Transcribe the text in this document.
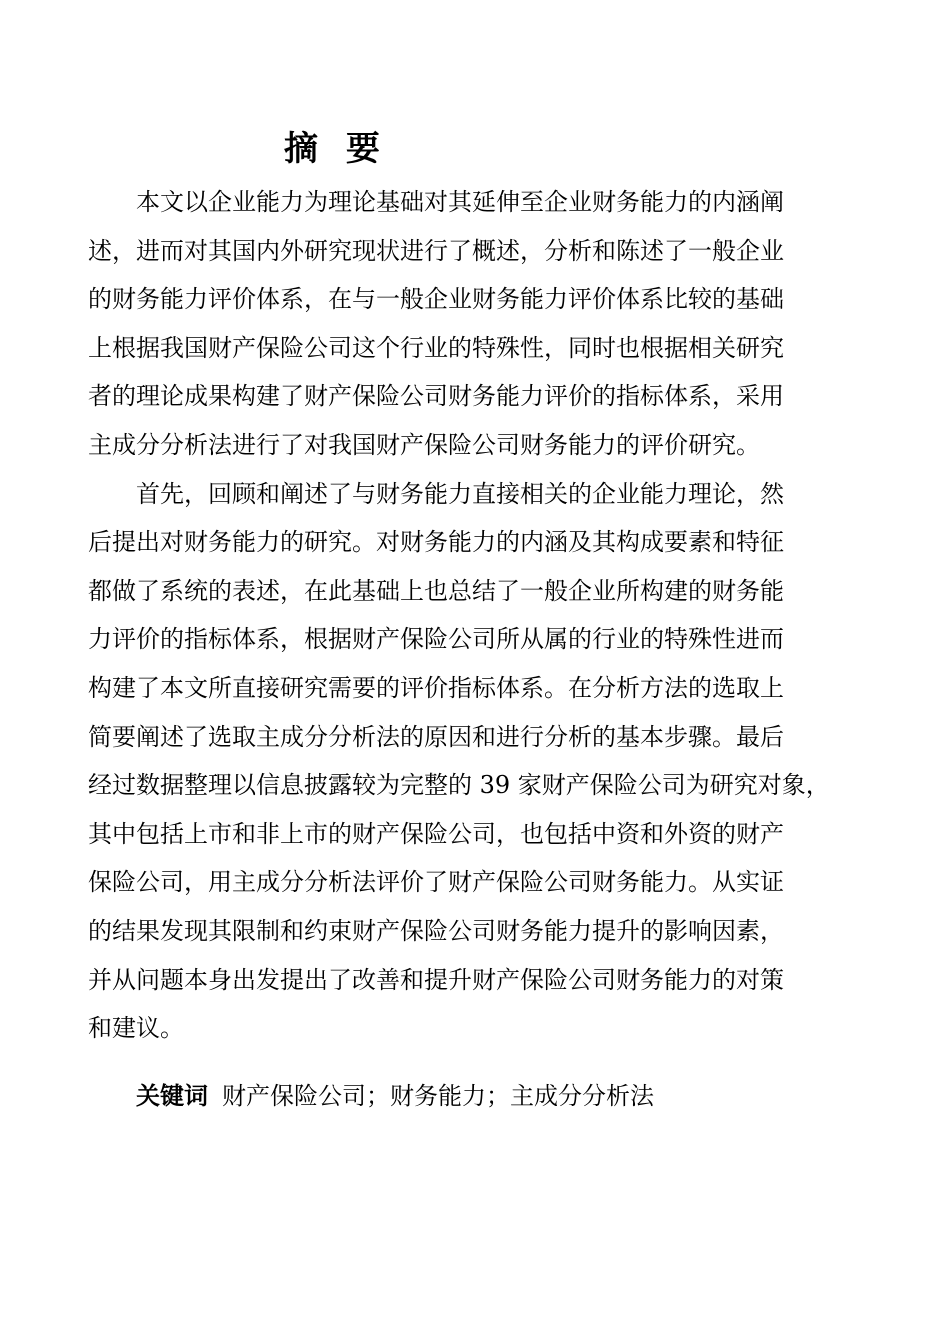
摘 要

本文以企业能力为理论基础对其延伸至企业财务能力的内涵阐

述，进而对其国内外研究现状进行了概述，分析和陈述了一般企业

的财务能力评价体系，在与一般企业财务能力评价体系比较的基础

上根据我国财产保险公司这个行业的特殊性，同时也根据相关研究

者的理论成果构建了财产保险公司财务能力评价的指标体系，采用

主成分分析法进行了对我国财产保险公司财务能力的评价研究。

首先，回顾和阐述了与财务能力直接相关的企业能力理论，然

后提出对财务能力的研究。对财务能力的内涵及其构成要素和特征

都做了系统的表述，在此基础上也总结了一般企业所构建的财务能

力评价的指标体系，根据财产保险公司所从属的行业的特殊性进而

构建了本文所直接研究需要的评价指标体系。在分析方法的选取上

简要阐述了选取主成分分析法的原因和进行分析的基本步骤。最后

经过数据整理以信息披露较为完整的 39 家财产保险公司为研究对象，

其中包括上市和非上市的财产保险公司，也包括中资和外资的财产

保险公司，用主成分分析法评价了财产保险公司财务能力。从实证

的结果发现其限制和约束财产保险公司财务能力提升的影响因素，

并从问题本身出发提出了改善和提升财产保险公司财务能力的对策

和建议。

关键词 财产保险公司；财务能力；主成分分析法
